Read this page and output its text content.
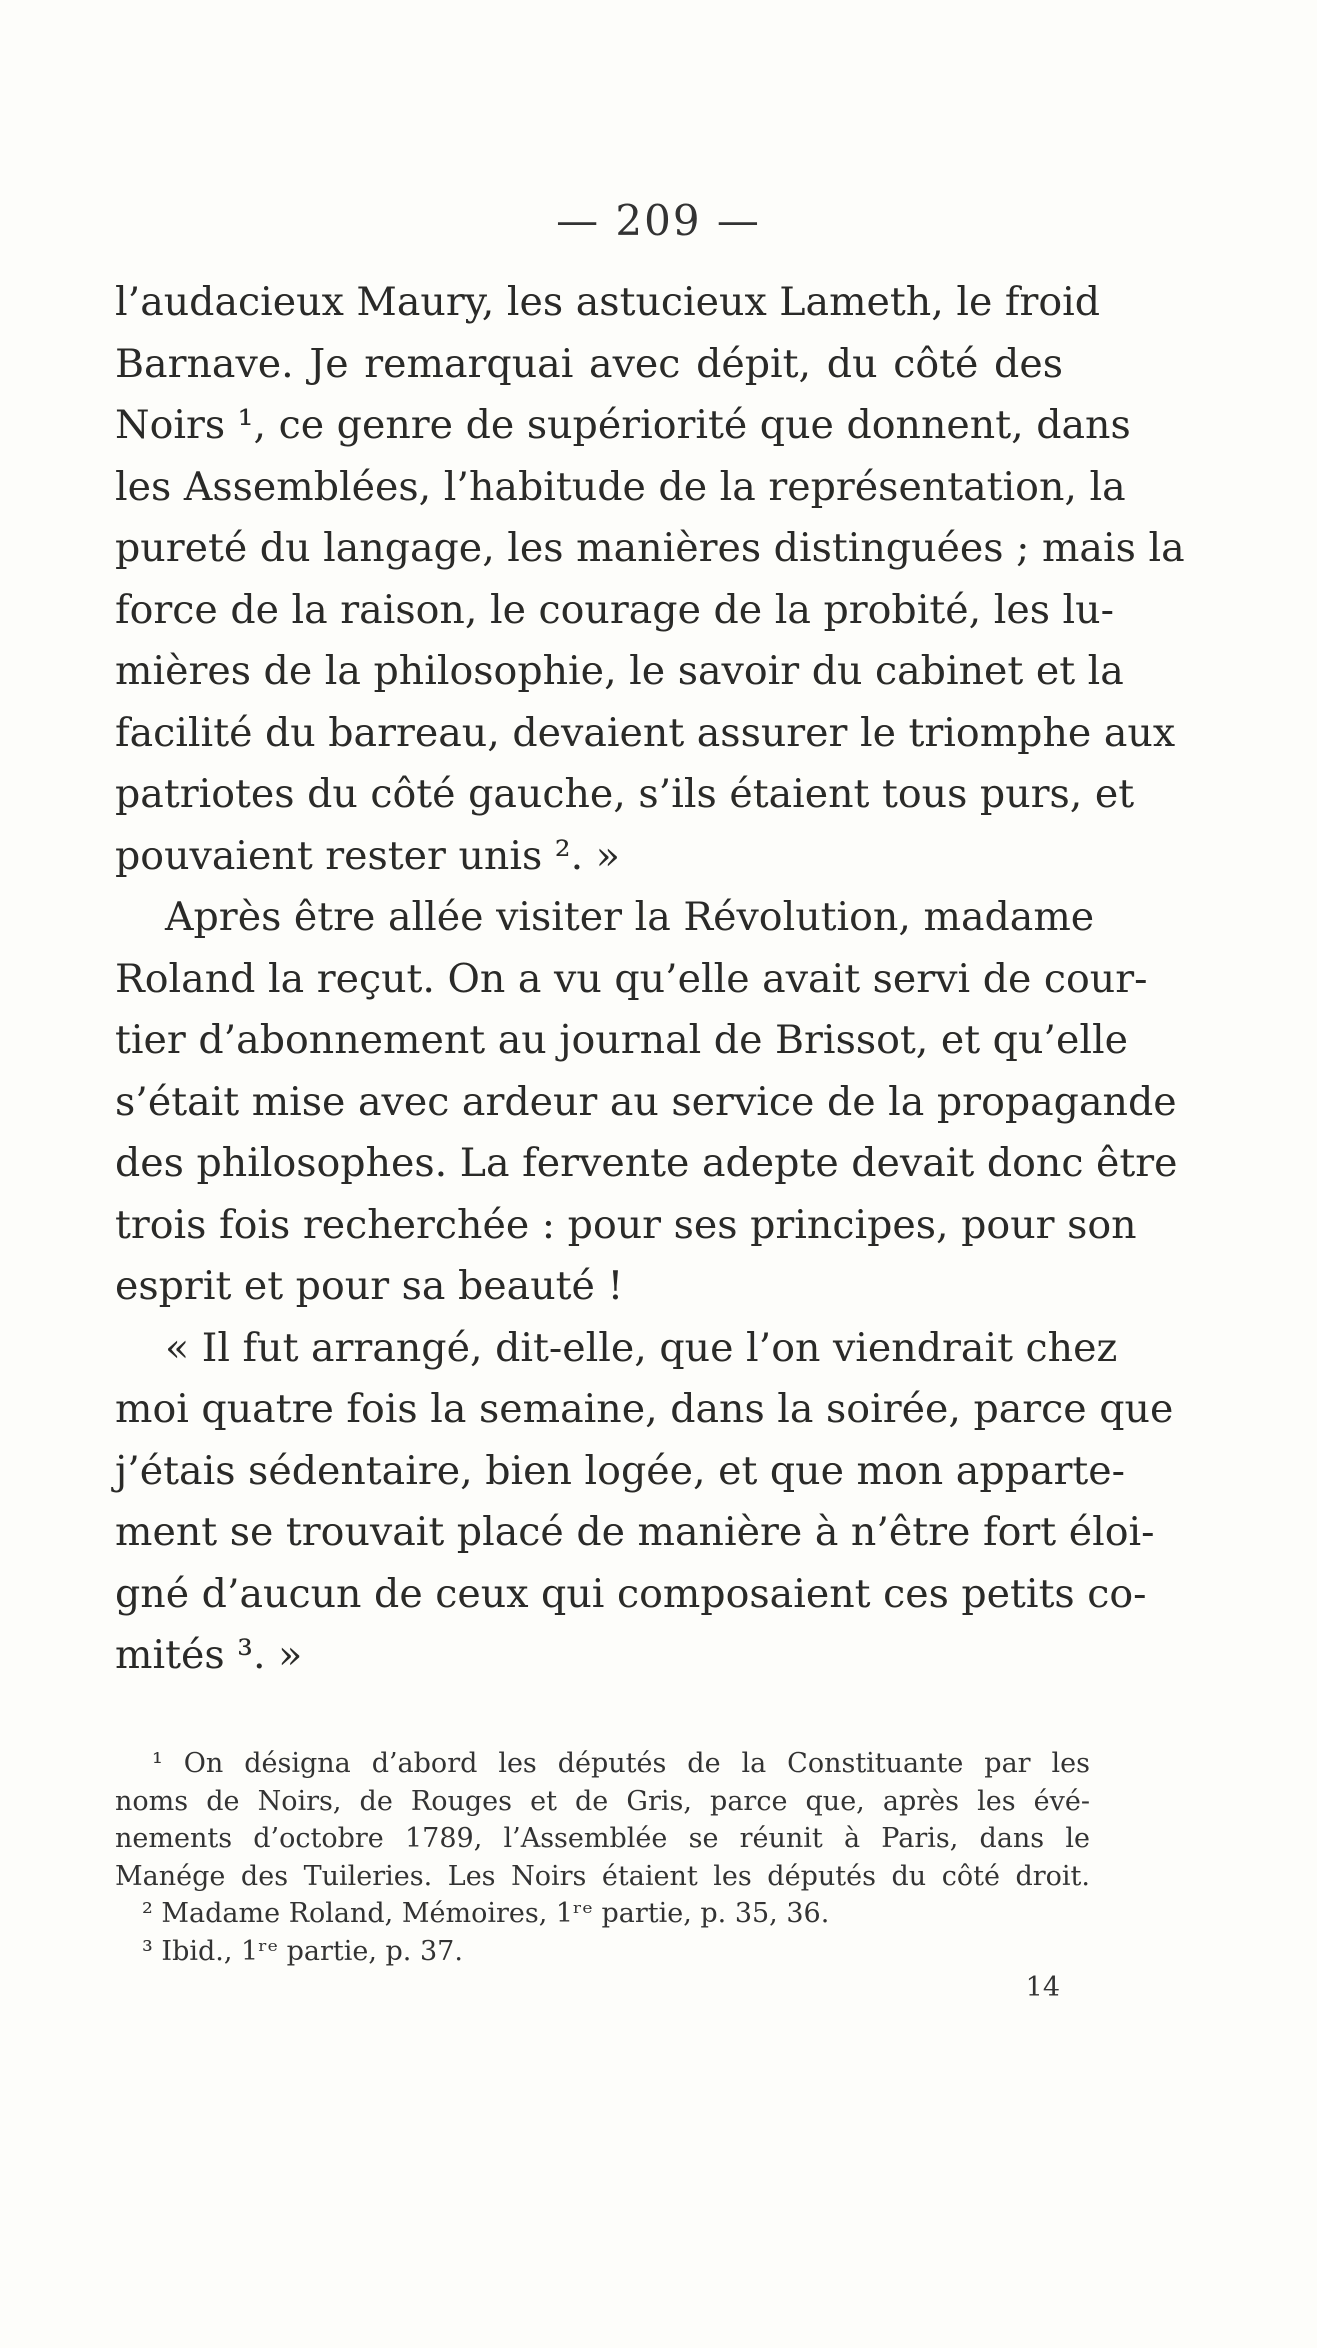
— 209 —
l’audacieux Maury, les astucieux Lameth, le froid
Barnave. Je remarquai avec dépit, du côté des
Noirs ¹, ce genre de supériorité que donnent, dans
les Assemblées, l’habitude de la représentation, la
pureté du langage, les manières distinguées ; mais la
force de la raison, le courage de la probité, les lu-
mières de la philosophie, le savoir du cabinet et la
facilité du barreau, devaient assurer le triomphe aux
patriotes du côté gauche, s’ils étaient tous purs, et
pouvaient rester unis ². »
Après être allée visiter la Révolution, madame
Roland la reçut. On a vu qu’elle avait servi de cour-
tier d’abonnement au journal de Brissot, et qu’elle
s’était mise avec ardeur au service de la propagande
des philosophes. La fervente adepte devait donc être
trois fois recherchée : pour ses principes, pour son
esprit et pour sa beauté !
« Il fut arrangé, dit-elle, que l’on viendrait chez
moi quatre fois la semaine, dans la soirée, parce que
j’étais sédentaire, bien logée, et que mon apparte-
ment se trouvait placé de manière à n’être fort éloi-
gné d’aucun de ceux qui composaient ces petits co-
mités ³. »
¹ On désigna d’abord les députés de la Constituante par les
noms de Noirs, de Rouges et de Gris, parce que, après les évé-
nements d’octobre 1789, l’Assemblée se réunit à Paris, dans le
Manége des Tuileries. Les Noirs étaient les députés du côté droit.
² Madame Roland, Mémoires, 1ʳᵉ partie, p. 35, 36.
³ Ibid., 1ʳᵉ partie, p. 37.
14
